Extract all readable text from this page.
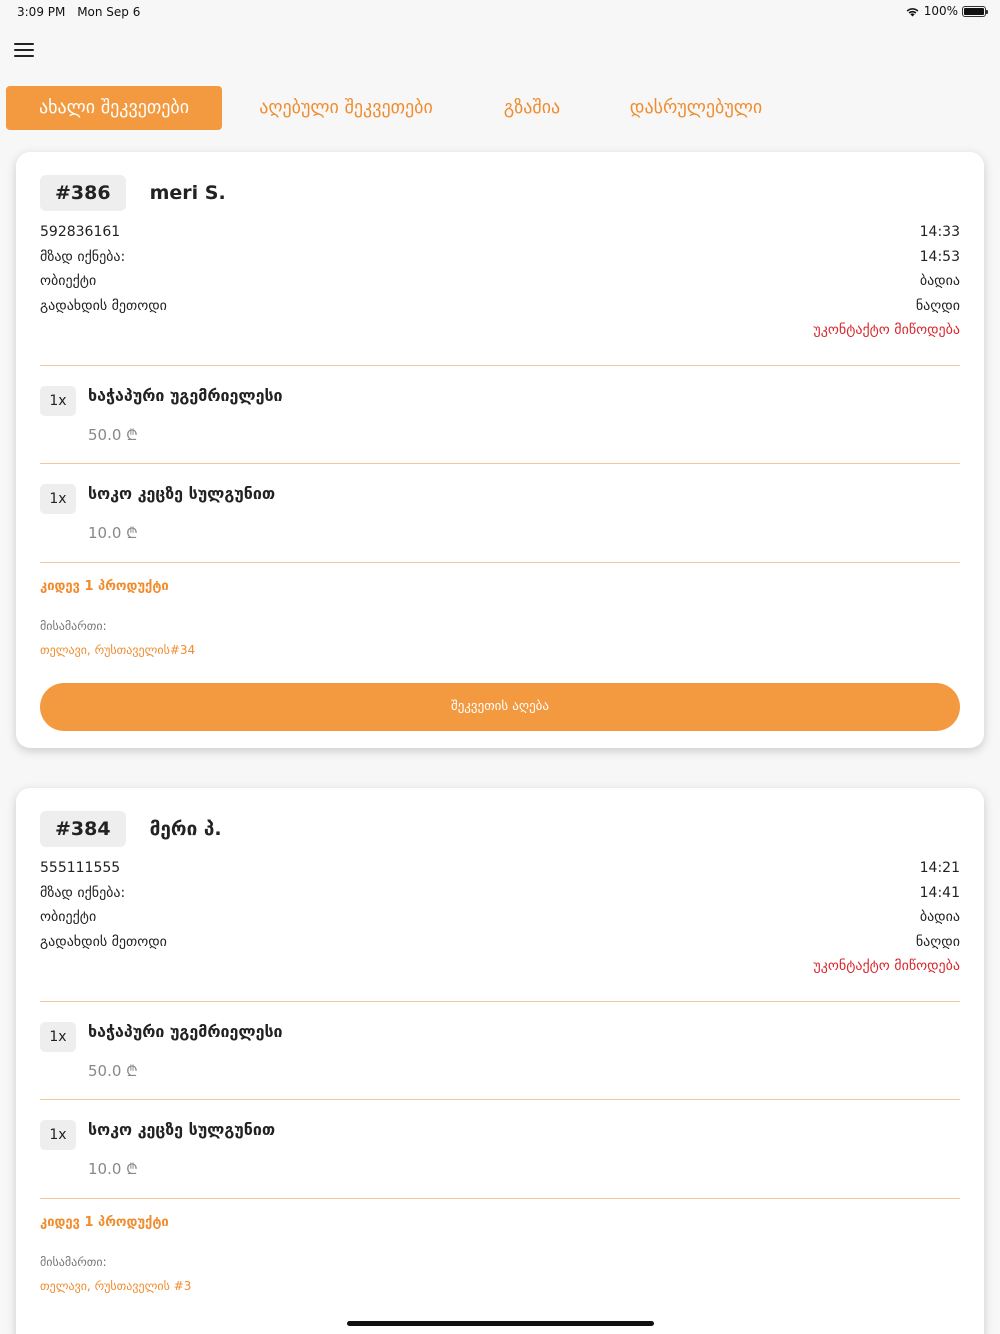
3:09 PM Mon Sep 6	100%
ახალი შეკვეთები	აღებული შეკვეთები	გზაშია	დასრულებული
#386	meri S.
592836161	14:33
მზად იქნება:	14:53
ობიექტი	ბადია
გადახდის მეთოდი	ნაღდი
უკონტაქტო მიწოდება
1x	ხაჭაპური უგემრიელესი
50.0 ₾
1x	სოკო კეცზე სულგუნით
10.0 ₾
კიდევ 1 პროდუქტი
მისამართი:
თელავი, რუსთაველის#34
შეკვეთის აღება
#384	მერი პ.
555111555	14:21
მზად იქნება:	14:41
ობიექტი	ბადია
გადახდის მეთოდი	ნაღდი
უკონტაქტო მიწოდება
1x	ხაჭაპური უგემრიელესი
50.0 ₾
1x	სოკო კეცზე სულგუნით
10.0 ₾
კიდევ 1 პროდუქტი
მისამართი:
თელავი, რუსთაველის #3
